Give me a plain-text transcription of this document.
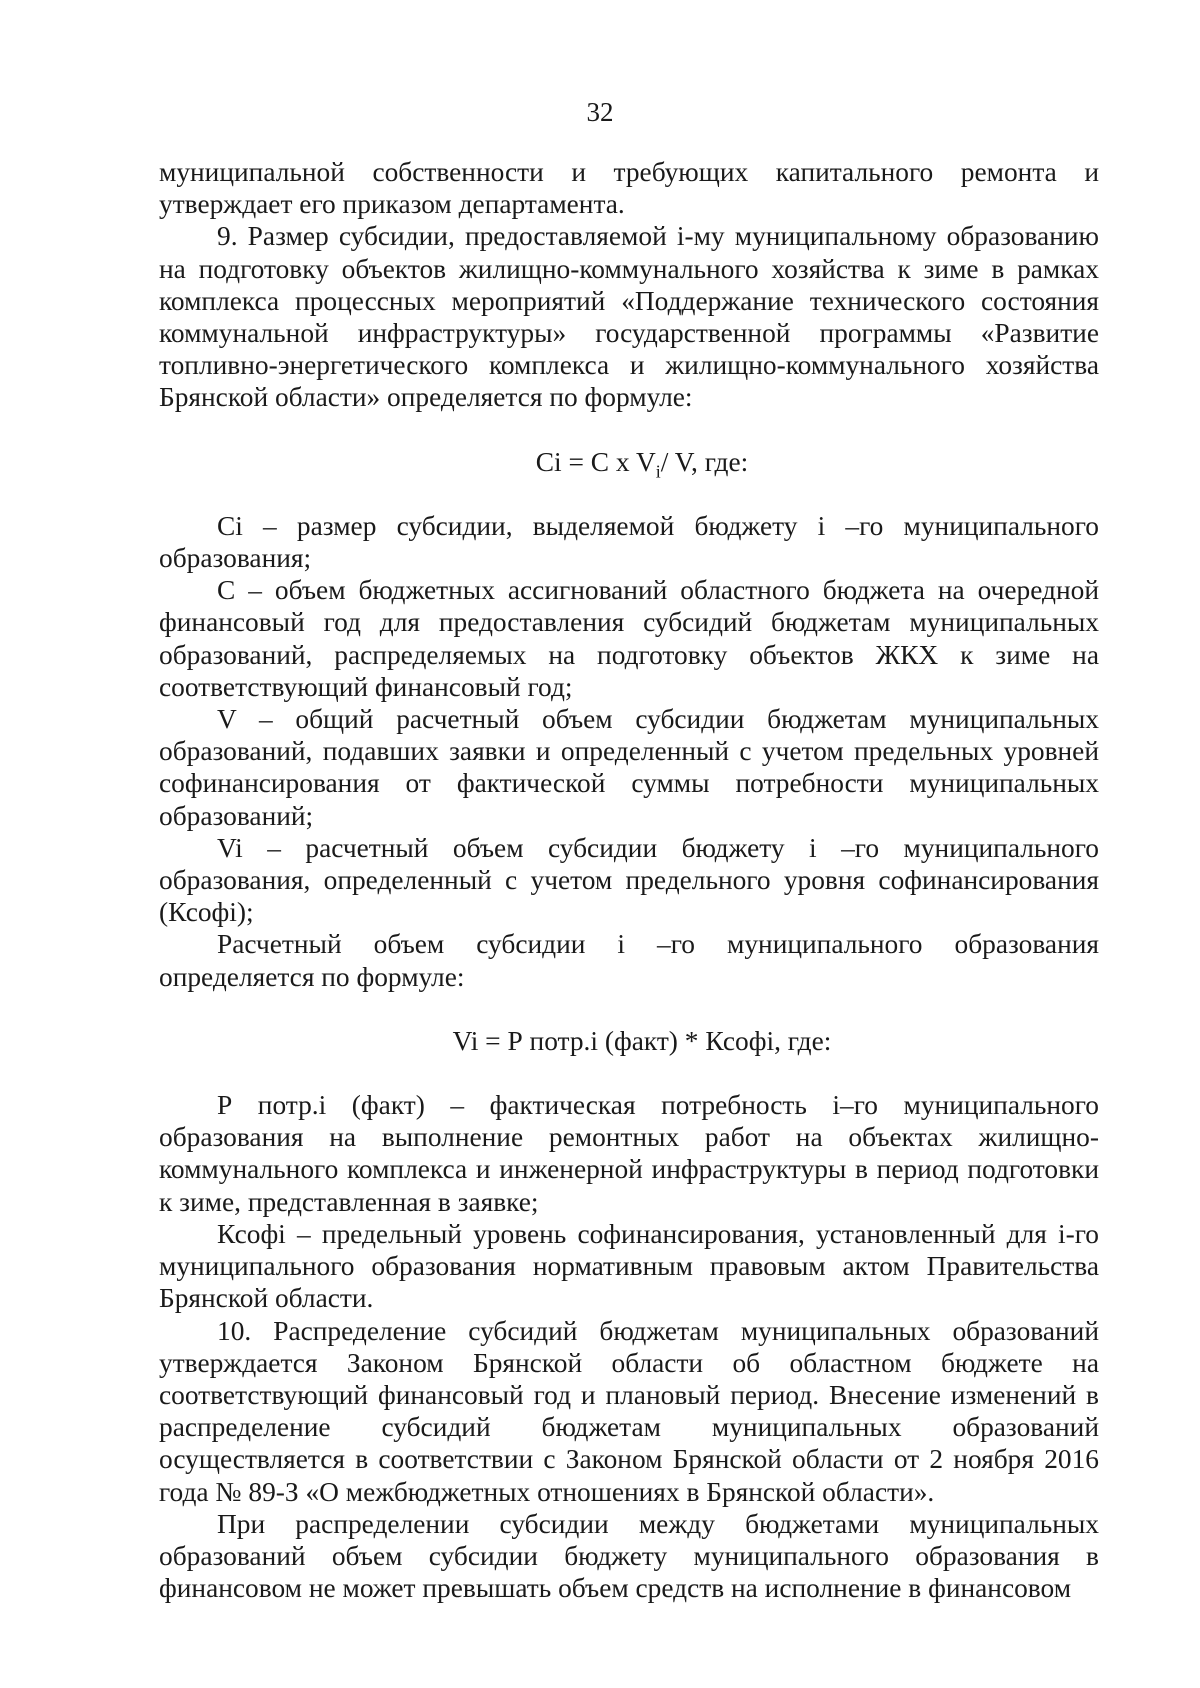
32

муниципальной собственности и требующих капитального ремонта и утверждает его приказом департамента.

9. Размер субсидии, предоставляемой i-му муниципальному образованию на подготовку объектов жилищно-коммунального хозяйства к зиме в рамках комплекса процессных мероприятий «Поддержание технического состояния коммунальной инфраструктуры» государственной программы «Развитие топливно-энергетического комплекса и жилищно-коммунального хозяйства Брянской области» определяется по формуле:

Ci = C x $V_i/$ V, где:

Ci – размер субсидии, выделяемой бюджету i –го муниципального образования;

C – объем бюджетных ассигнований областного бюджета на очередной финансовый год для предоставления субсидий бюджетам муниципальных образований, распределяемых на подготовку объектов ЖКХ к зиме на соответствующий финансовый год;

V – общий расчетный объем субсидии бюджетам муниципальных образований, подавших заявки и определенный с учетом предельных уровней софинансирования от фактической суммы потребности муниципальных образований;

Vi – расчетный объем субсидии бюджету i –го муниципального образования, определенный с учетом предельного уровня софинансирования (Ксофi);

Расчетный объем субсидии i –го муниципального образования определяется по формуле:

Vi = Р потр.i (факт) * Ксофi, где:

Р потр.i (факт) – фактическая потребность i–го муниципального образования на выполнение ремонтных работ на объектах жилищно-коммунального комплекса и инженерной инфраструктуры в период подготовки к зиме, представленная в заявке;

Ксофi – предельный уровень софинансирования, установленный для i-го муниципального образования нормативным правовым актом Правительства Брянской области.

10. Распределение субсидий бюджетам муниципальных образований утверждается Законом Брянской области об областном бюджете на соответствующий финансовый год и плановый период. Внесение изменений в распределение субсидий бюджетам муниципальных образований осуществляется в соответствии с Законом Брянской области от 2 ноября 2016 года № 89-З «О межбюджетных отношениях в Брянской области».

При распределении субсидии между бюджетами муниципальных образований объем субсидии бюджету муниципального образования в финансовом не может превышать объем средств на исполнение в финансовом
